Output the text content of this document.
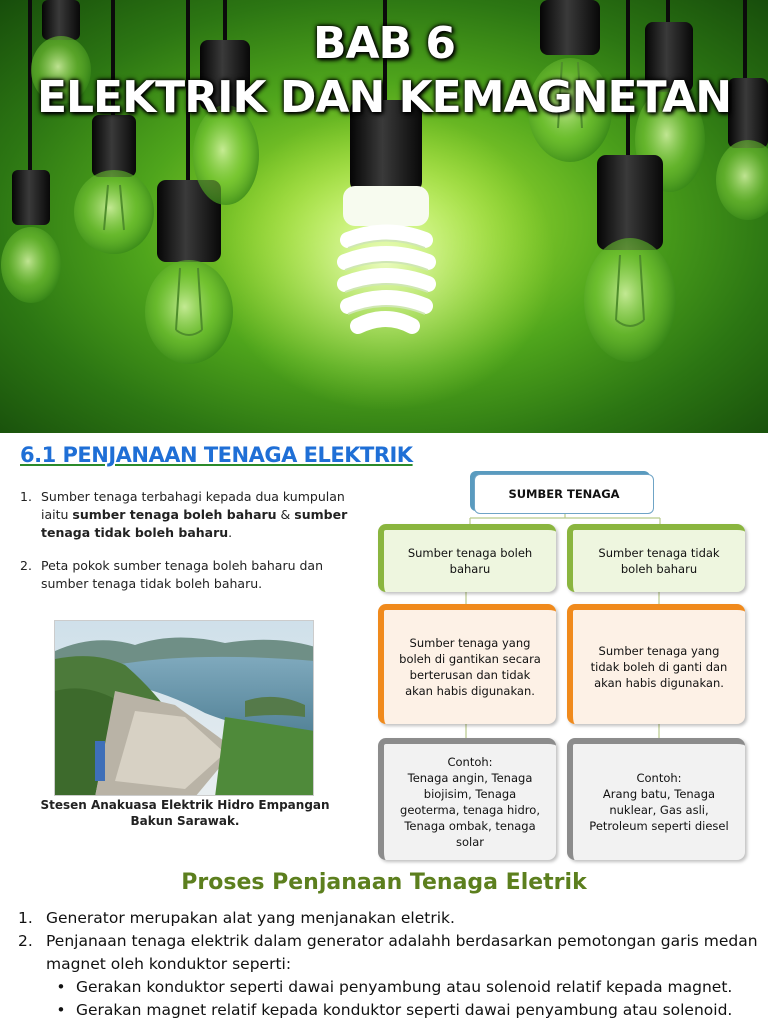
BAB 6
ELEKTRIK DAN KEMAGNETAN
6.1 PENJANAAN TENAGA ELEKTRIK
1. Sumber tenaga terbahagi kepada dua kumpulan iaitu sumber tenaga boleh baharu & sumber tenaga tidak boleh baharu.
2. Peta pokok sumber tenaga boleh baharu dan sumber tenaga tidak boleh baharu.
Stesen Anakuasa Elektrik Hidro Empangan Bakun Sarawak.
SUMBER TENAGA
Sumber tenaga boleh baharu
Sumber tenaga tidak boleh baharu
Sumber tenaga yang boleh di gantikan secara berterusan dan tidak akan habis digunakan.
Sumber tenaga yang tidak boleh di ganti dan akan habis digunakan.
Contoh:
Tenaga angin, Tenaga biojisim, Tenaga geoterma, tenaga hidro, Tenaga ombak, tenaga solar
Contoh:
Arang batu, Tenaga nuklear, Gas asli, Petroleum seperti diesel
Proses Penjanaan Tenaga Eletrik
1. Generator merupakan alat yang menjanakan eletrik.
2. Penjanaan tenaga elektrik dalam generator adalahh berdasarkan pemotongan garis medan
magnet oleh konduktor seperti:
• Gerakan konduktor seperti dawai penyambung atau solenoid relatif kepada magnet.
• Gerakan magnet relatif kepada konduktor seperti dawai penyambung atau solenoid.
